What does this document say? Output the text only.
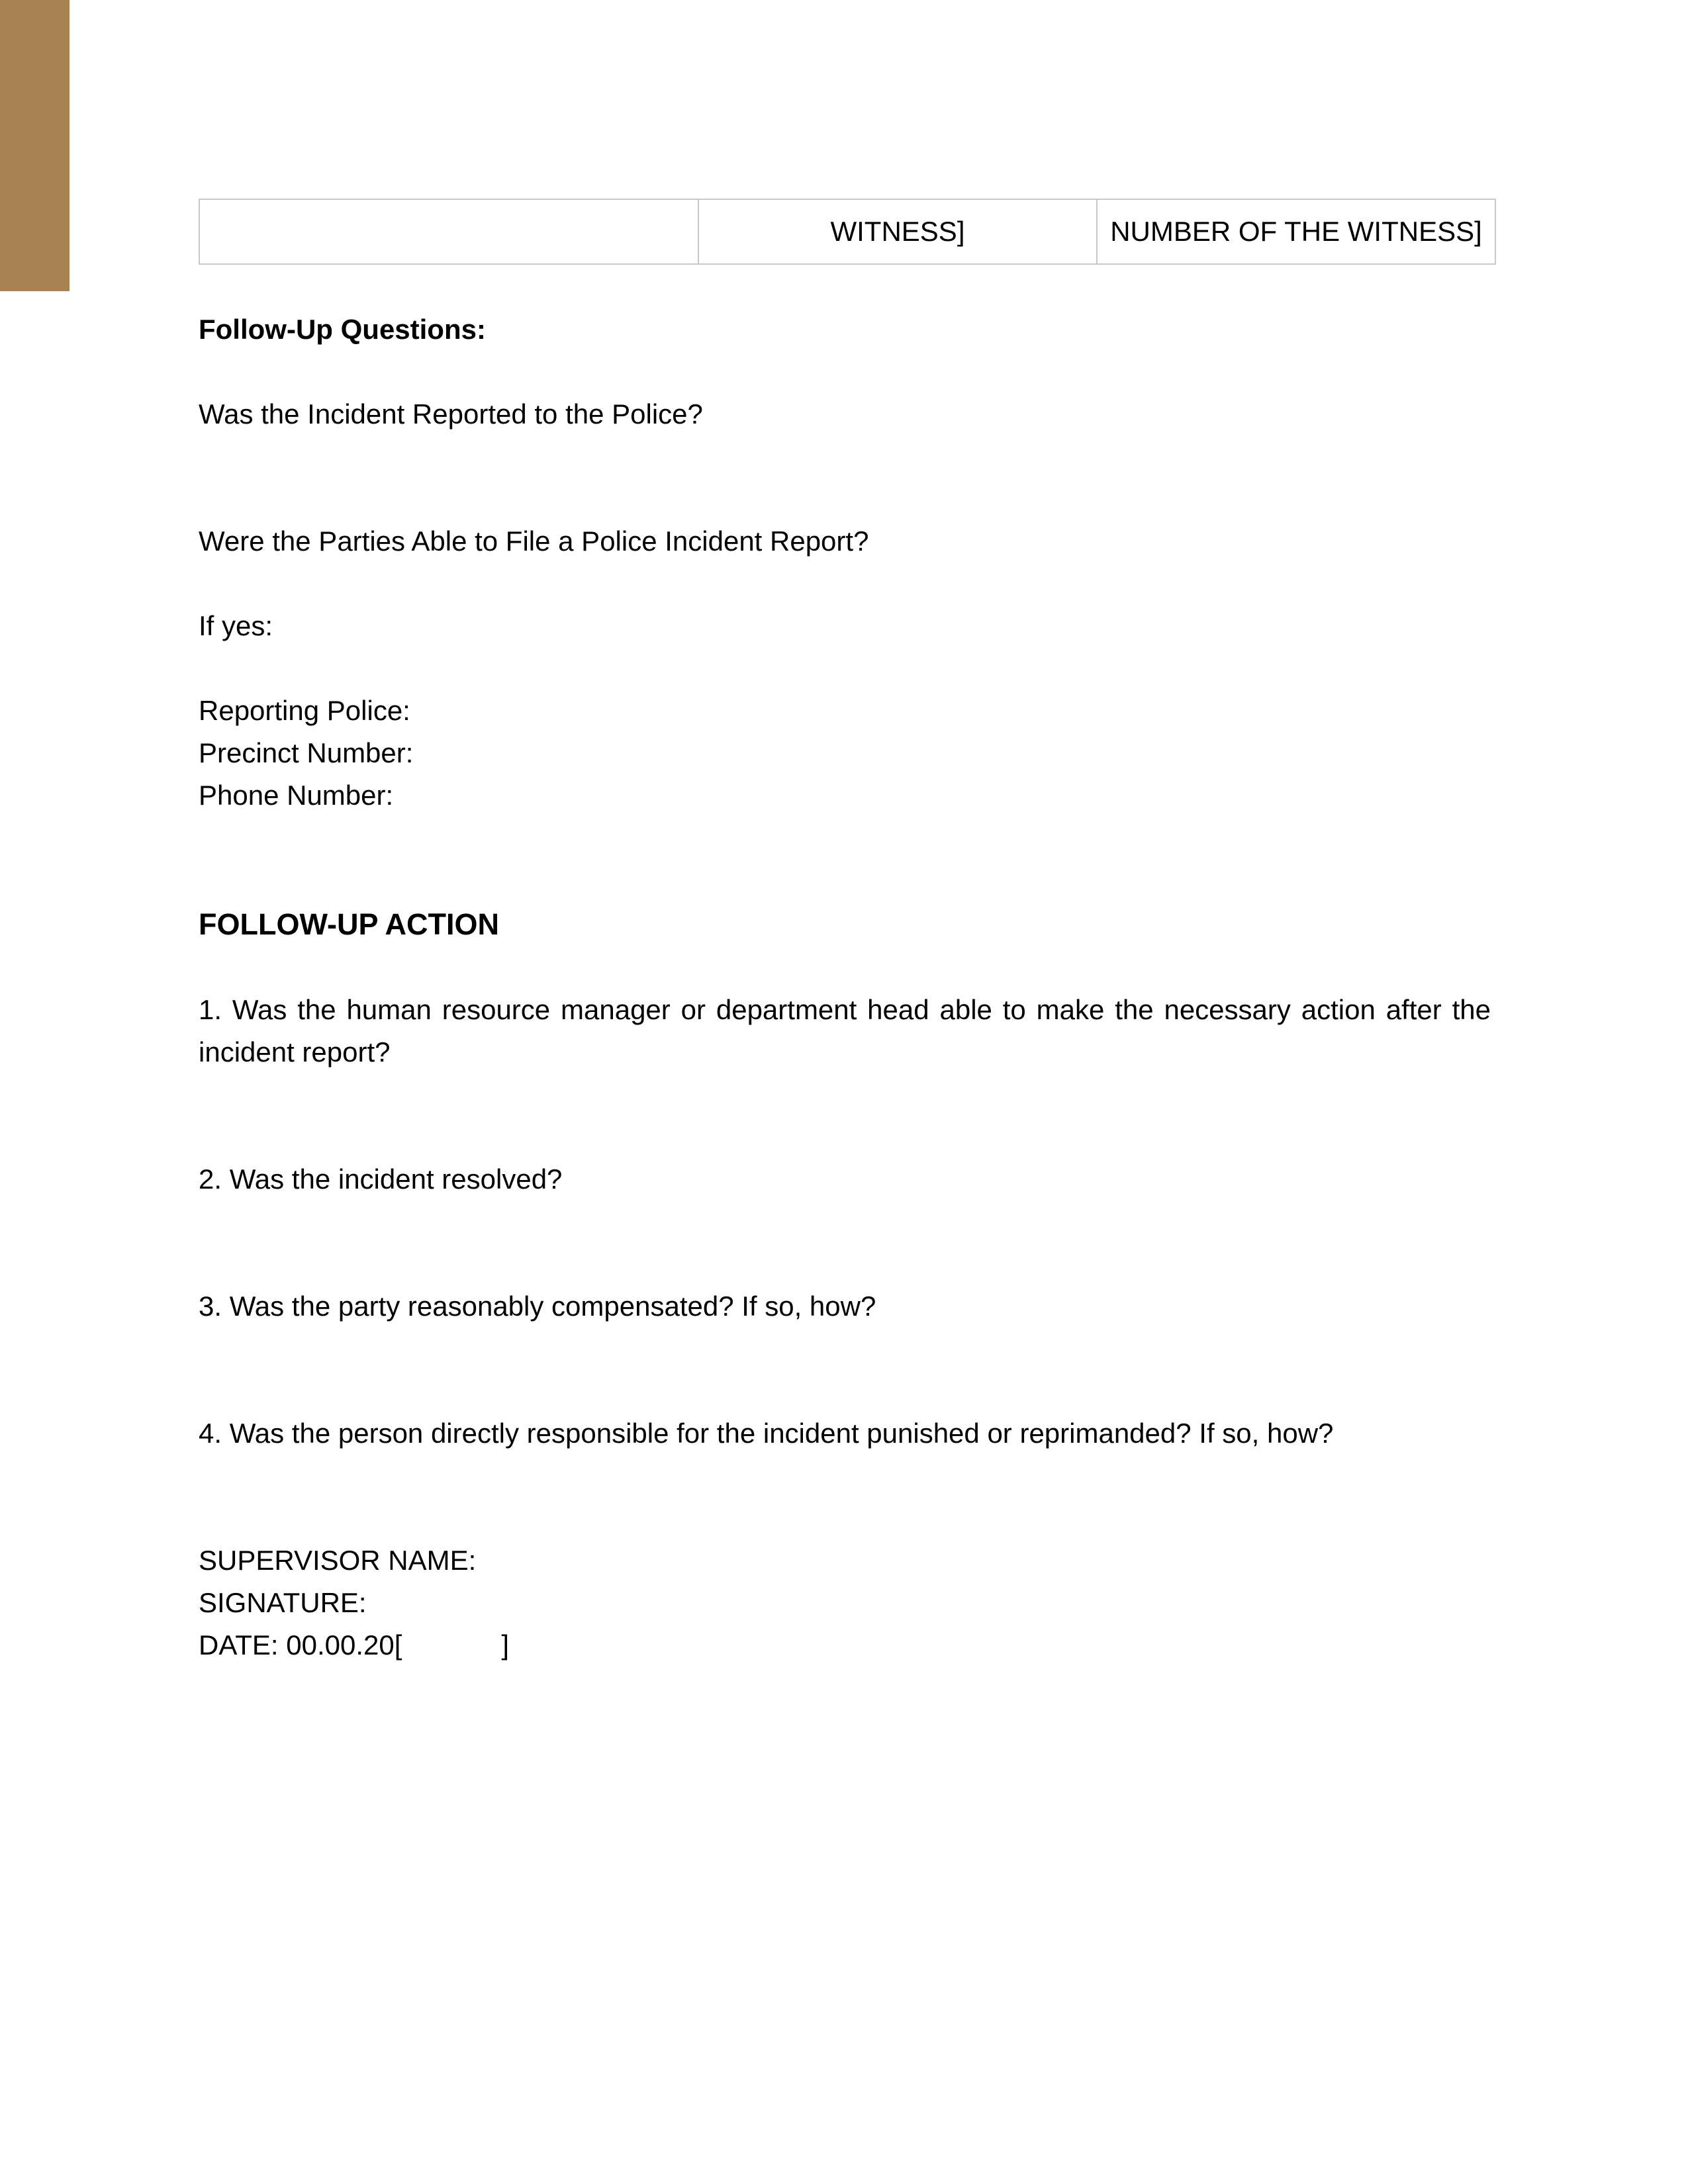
	WITNESS]	NUMBER OF THE WITNESS]

Follow-Up Questions:

Was the Incident Reported to the Police?

Were the Parties Able to File a Police Incident Report?

If yes:

Reporting Police:

Precinct Number:

Phone Number:

FOLLOW-UP ACTION

1. Was the human resource manager or department head able to make the necessary action after the incident report?

2. Was the incident resolved?

3. Was the party reasonably compensated? If so, how?

4. Was the person directly responsible for the incident punished or reprimanded? If so, how?

SUPERVISOR NAME:

SIGNATURE:

DATE: 00.00.20[	]
